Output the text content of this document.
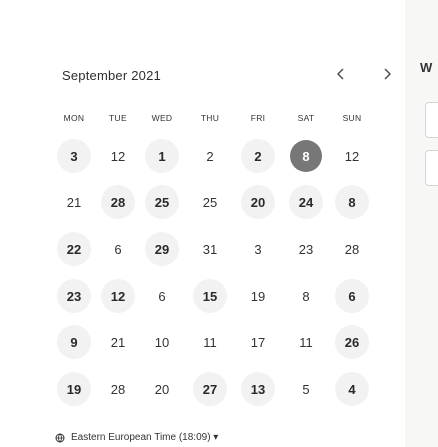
September 2021
MON	TUE	WED	THU	FRI	SAT	SUN
3	12	1	2	2	8	12
21	28	25	25	20	24	8
22	6	29	31	3	23	28
23	12	6	15	19	8	6
9	21	10	11	17	11	26
19	28	20	27	13	5	4
Eastern European Time (18:09) ▾
W
